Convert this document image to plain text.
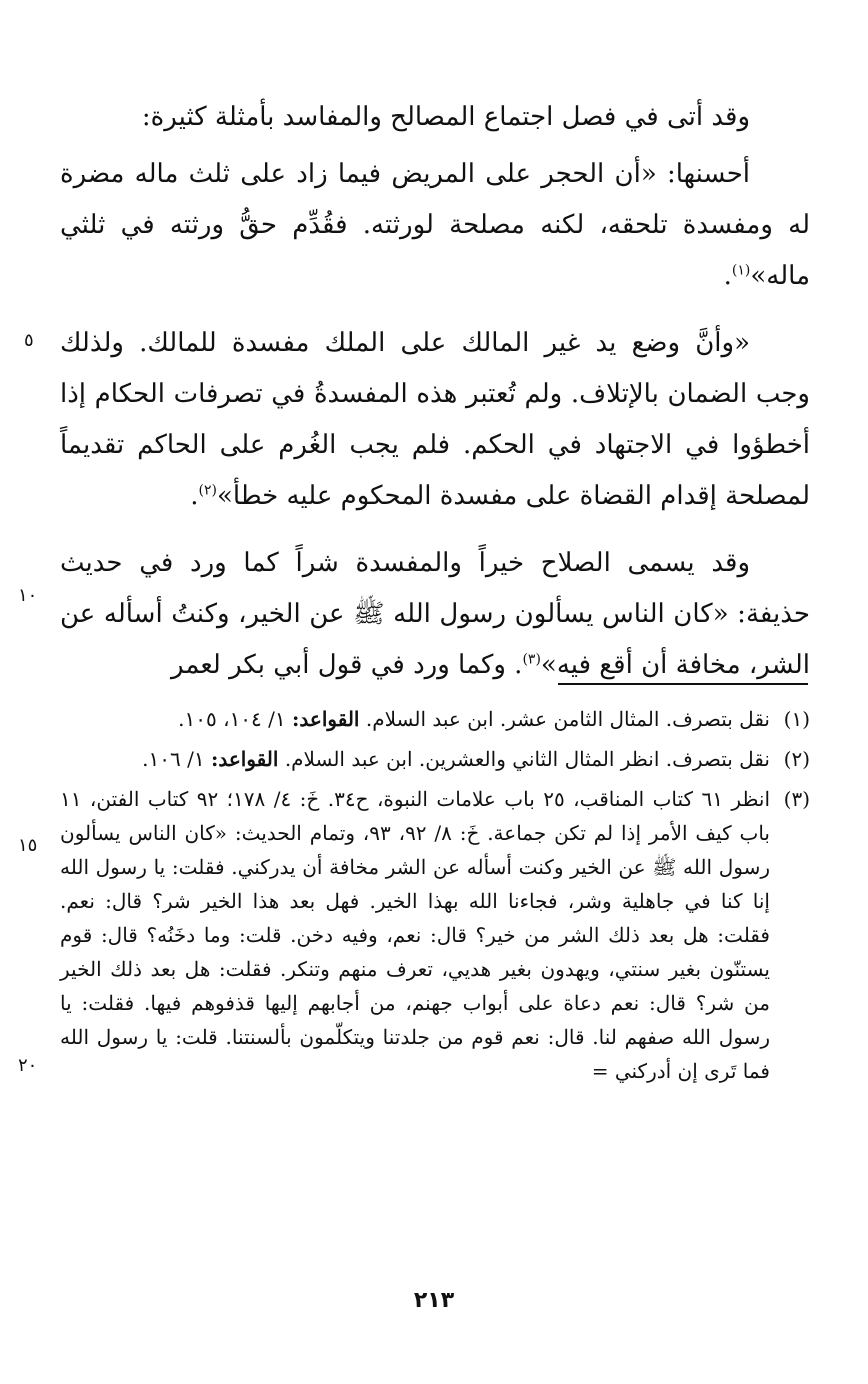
وقد أتى في فصل اجتماع المصالح والمفاسد بأمثلة كثيرة:

أحسنها: «أن الحجر على المريض فيما زاد على ثلث ماله مضرة له ومفسدة تلحقه، لكنه مصلحة لورثته. فقُدِّم حقُّ ورثته في ثلثي ماله»$^{(١)}$.

«وأنَّ وضع يد غير المالك على الملك مفسدة للمالك. ولذلك وجب الضمان بالإتلاف. ولم تُعتبر هذه المفسدةُ في تصرفات الحكام إذا أخطؤوا في الاجتهاد في الحكم. فلم يجب الغُرم على الحاكم تقديماً لمصلحة إقدام القضاة على مفسدة المحكوم عليه خطأ»$^{(٢)}$.

وقد يسمى الصلاح خيراً والمفسدة شراً كما ورد في حديث حذيفة: «كان الناس يسألون رسول الله ﷺ عن الخير، وكنتُ أسأله عن الشر، مخافة أن أقع فيه»$^{(٣)}$. وكما ورد في قول أبي بكر لعمر

٥
١٠
١٥
٢٠

(١)
نقل بتصرف. المثال الثامن عشر. ابن عبد السلام. القواعد: ١/ ١٠٤، ١٠٥.

(٢)
نقل بتصرف. انظر المثال الثاني والعشرين. ابن عبد السلام. القواعد: ١/ ١٠٦.

(٣)
انظر ٦١ كتاب المناقب، ٢٥ باب علامات النبوة، ح٣٤. خَ: ٤/ ١٧٨؛ ٩٢ كتاب الفتن، ١١ باب كيف الأمر إذا لم تكن جماعة. خَ: ٨/ ٩٢، ٩٣، وتمام الحديث: «كان الناس يسألون رسول الله ﷺ عن الخير وكنت أسأله عن الشر مخافة أن يدركني. فقلت: يا رسول الله إنا كنا في جاهلية وشر، فجاءنا الله بهذا الخير. فهل بعد هذا الخير شر؟ قال: نعم. فقلت: هل بعد ذلك الشر من خير؟ قال: نعم، وفيه دخن. قلت: وما دخَنُه؟ قال: قوم يستنّون بغير سنتي، ويهدون بغير هديي، تعرف منهم وتنكر. فقلت: هل بعد ذلك الخير من شر؟ قال: نعم دعاة على أبواب جهنم، من أجابهم إليها قذفوهم فيها. فقلت: يا رسول الله صفهم لنا. قال: نعم قوم من جلدتنا ويتكلّمون بألسنتنا. قلت: يا رسول الله فما تَرى إن أدركني =

٢١٣
